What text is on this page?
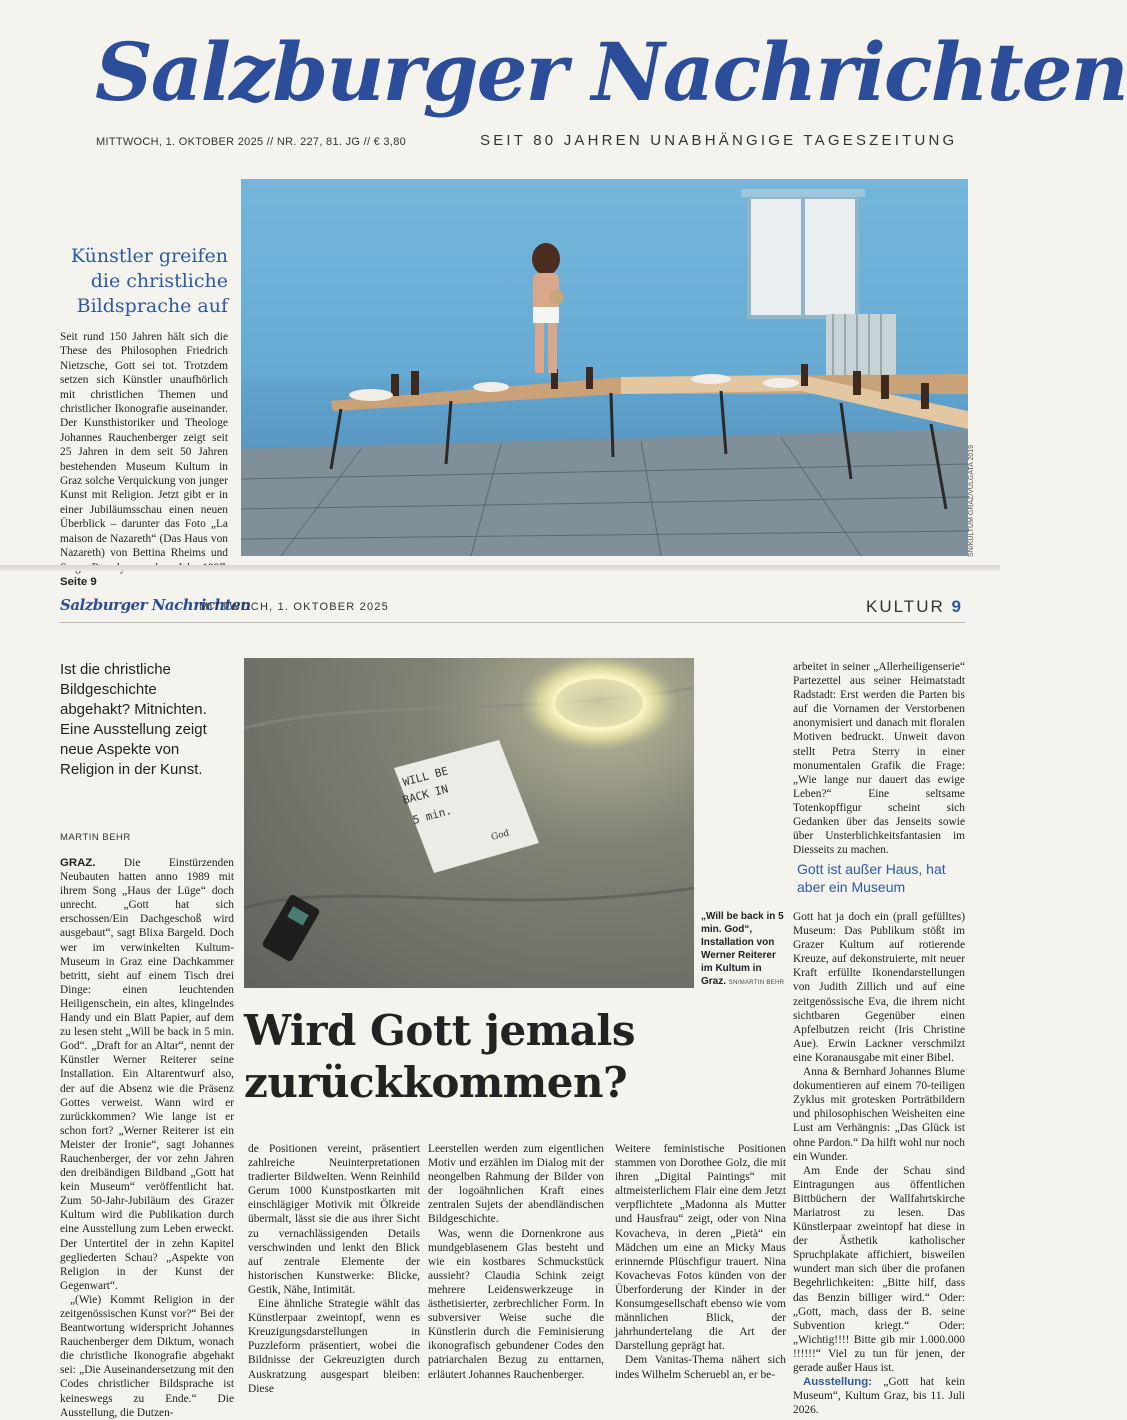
Salzburger Nachrichten
MITTWOCH, 1. OKTOBER 2025 // NR. 227, 81. JG // € 3,80	SEIT 80 JAHREN UNABHÄNGIGE TAGESZEITUNG
Künstler greifen die christliche Bildsprache auf
Seit rund 150 Jahren hält sich die These des Philosophen Friedrich Nietzsche, Gott sei tot. Trotzdem setzen sich Künstler unaufhörlich mit christlichen Themen und christlicher Ikonografie auseinander. Der Kunsthistoriker und Theologe Johannes Rauchenberger zeigt seit 25 Jahren in dem seit 50 Jahren bestehenden Museum Kultum in Graz solche Verquickung von junger Kunst mit Religion. Jetzt gibt er in einer Jubiläumsschau einen neuen Überblick – darunter das Foto „La maison de Nazareth“ (Das Haus von Nazareth) von Bettina Rheims und Seite 9
SN/KULTUM GRAZ/VULGATA 2019
Salzburger Nachrichten
MITTWOCH, 1. OKTOBER 2025	KULTUR 9
Ist die christliche Bildgeschichte abgehakt? Mitnichten. Eine Ausstellung zeigt neue Aspekte von Religion in der Kunst.
MARTIN BEHR

GRAZ. Die Einstürzenden Neubauten hatten anno 1989 mit ihrem Song „Haus der Lüge“ doch unrecht. „Gott hat sich erschossen/Ein Dachgeschoß wird ausgebaut“, sagt Blixa Bargeld. Doch wer im verwinkelten Kultum-Museum in Graz eine Dachkammer betritt, sieht auf einem Tisch drei Dinge: einen leuchtenden Heiligenschein, ein altes, klingelndes Handy und ein Blatt Papier, auf dem zu lesen steht „Will be back in 5 min. God“. „Draft for an Altar“, nennt der Künstler Werner Reiterer seine Installation. Ein Altarentwurf also, der auf die Absenz wie die Präsenz Gottes verweist. Wann wird er zurückkommen? Wie lange ist er schon fort? „Werner Reiterer ist ein Meister der Ironie“, sagt Johannes Rauchenberger, der vor zehn Jahren den dreibändigen Bildband „Gott hat kein Museum“ veröffentlicht hat. Zum 50-Jahr-Jubiläum des Grazer Kultum wird die Publikation durch eine Ausstellung zum Leben erweckt. Der Untertitel der in zehn Kapitel gegliederten Schau? „Aspekte von Religion in der Kunst der Gegenwart“.

„(Wie) Kommt Religion in der zeitgenössischen Kunst vor?“ Bei der Beantwortung widerspricht Johannes Rauchenberger dem Diktum, wonach die christliche Ikonografie abgehakt sei: „Die Auseinandersetzung mit den Codes christlicher Bildsprache ist keineswegs zu Ende.“ Die Ausstellung, die Dutzen-

WILL BE
BACK IN
5 min.
God
„Will be back in 5 min. God“, Installation von Werner Reiterer im Kultum in Graz. SN/MARTIN BEHR
Wird Gott jemals zurückkommen?

de Positionen vereint, präsentiert zahlreiche Neuinterpretationen tradierter Bildwelten. Wenn Reinhild Gerum 1000 Kunstpostkarten mit einschlägiger Motivik mit Ölkreide übermalt, lässt sie die aus ihrer Sicht zu vernachlässigenden Details verschwinden und lenkt den Blick auf zentrale Elemente der historischen Kunstwerke: Blicke, Gestik, Nähe, Intimität.

Eine ähnliche Strategie wählt das Künstlerpaar zweintopf, wenn es Kreuzigungsdarstellungen in Puzzleform präsentiert, wobei die Bildnisse der Gekreuzigten durch Auskratzung ausgespart bleiben: Diese

Leerstellen werden zum eigentlichen Motiv und erzählen im Dialog mit der neongelben Rahmung der Bilder von der logoähnlichen Kraft eines zentralen Sujets der abendländischen Bildgeschichte.

Was, wenn die Dornenkrone aus mundgeblasenem Glas besteht und wie ein kostbares Schmuckstück aussieht? Claudia Schink zeigt mehrere Leidenswerkzeuge in ästhetisierter, zerbrechlicher Form. In subversiver Weise suche die Künstlerin durch die Feminisierung ikonografisch gebundener Codes den patriarchalen Bezug zu enttarnen, erläutert Johannes Rauchenberger.

Weitere feministische Positionen stammen von Dorothee Golz, die mit ihren „Digital Paintings“ mit altmeisterlichem Flair eine dem Jetzt verpflichtete „Madonna als Mutter und Hausfrau“ zeigt, oder von Nina Kovacheva, in deren „Pietà“ ein Mädchen um eine an Micky Maus erinnernde Plüschfigur trauert. Nina Kovachevas Fotos künden von der Überforderung der Kinder in der Konsumgesellschaft ebenso wie vom männlichen Blick, der jahrhundertelang die Art der Darstellung geprägt hat.

Dem Vanitas-Thema nähert sich indes Wilhelm Scheruebl an, er be-

arbeitet in seiner „Allerheiligenserie“ Partezettel aus seiner Heimatstadt Radstadt: Erst werden die Parten bis auf die Vornamen der Verstorbenen anonymisiert und danach mit floralen Motiven bedruckt. Unweit davon stellt Petra Sterry in einer monumentalen Grafik die Frage: „Wie lange nur dauert das ewige Leben?“ Eine seltsame Totenkopffigur scheint sich Gedanken über das Jenseits sowie über Unsterblichkeitsfantasien im Diesseits zu machen.

Gott ist außer Haus, hat aber ein Museum

Gott hat ja doch ein (prall gefülltes) Museum: Das Publikum stößt im Grazer Kultum auf rotierende Kreuze, auf dekonstruierte, mit neuer Kraft erfüllte Ikonendarstellungen von Judith Zillich und auf eine zeitgenössische Eva, die ihrem nicht sichtbaren Gegenüber einen Apfelbutzen reicht (Iris Christine Aue). Erwin Lackner verschmilzt eine Koranausgabe mit einer Bibel.

Anna & Bernhard Johannes Blume dokumentieren auf einem 70-teiligen Zyklus mit grotesken Porträtbildern und philosophischen Weisheiten eine Lust am Verhängnis: „Das Glück ist ohne Pardon.“ Da hilft wohl nur noch ein Wunder.

Am Ende der Schau sind Eintragungen aus öffentlichen Bittbüchern der Wallfahrtskirche Mariatrost zu lesen. Das Künstlerpaar zweintopf hat diese in der Ästhetik katholischer Spruchplakate affichiert, bisweilen wundert man sich über die profanen Begehrlichkeiten: „Bitte hilf, dass das Benzin billiger wird.“ Oder: „Gott, mach, dass der B. seine Subvention kriegt.“ Oder: „Wichtig!!!! Bitte gib mir 1.000.000 !!!!!!“ Viel zu tun für jenen, der gerade außer Haus ist.

Ausstellung: „Gott hat kein Museum“, Kultum Graz, bis 11. Juli 2026.
